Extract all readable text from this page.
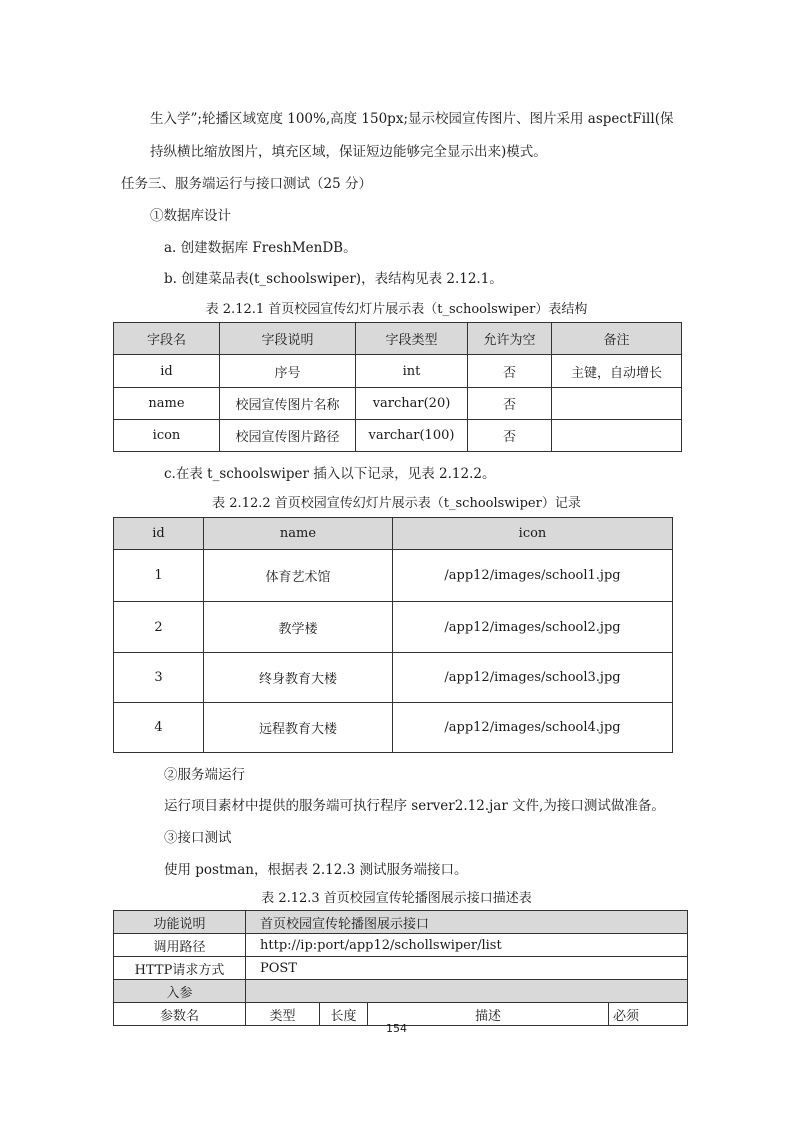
生入学”;轮播区域宽度 100%,高度 150px;显示校园宣传图片、图片采用 aspectFill(保
持纵横比缩放图片，填充区域，保证短边能够完全显示出来)模式。
任务三、服务端运行与接口测试（25 分）
①数据库设计
a. 创建数据库 FreshMenDB。
b. 创建菜品表(t_schoolswiper)，表结构见表 2.12.1。
表 2.12.1 首页校园宣传幻灯片展示表（t_schoolswiper）表结构
字段名	字段说明	字段类型	允许为空	备注
id	序号	int	否	主键，自动增长
name	校园宣传图片名称	varchar(20)	否	
icon	校园宣传图片路径	varchar(100)	否	
c.在表 t_schoolswiper 插入以下记录，见表 2.12.2。
表 2.12.2 首页校园宣传幻灯片展示表（t_schoolswiper）记录
id	name	icon
1	体育艺术馆	/app12/images/school1.jpg
2	教学楼	/app12/images/school2.jpg
3	终身教育大楼	/app12/images/school3.jpg
4	远程教育大楼	/app12/images/school4.jpg
②服务端运行
运行项目素材中提供的服务端可执行程序 server2.12.jar 文件,为接口测试做准备。
③接口测试
使用 postman，根据表 2.12.3 测试服务端接口。
表 2.12.3 首页校园宣传轮播图展示接口描述表
功能说明	首页校园宣传轮播图展示接口			
调用路径	http://ip:port/app12/schollswiper/list			
HTTP请求方式	POST			
入参				
参数名	类型	长度	描述	必须
154
